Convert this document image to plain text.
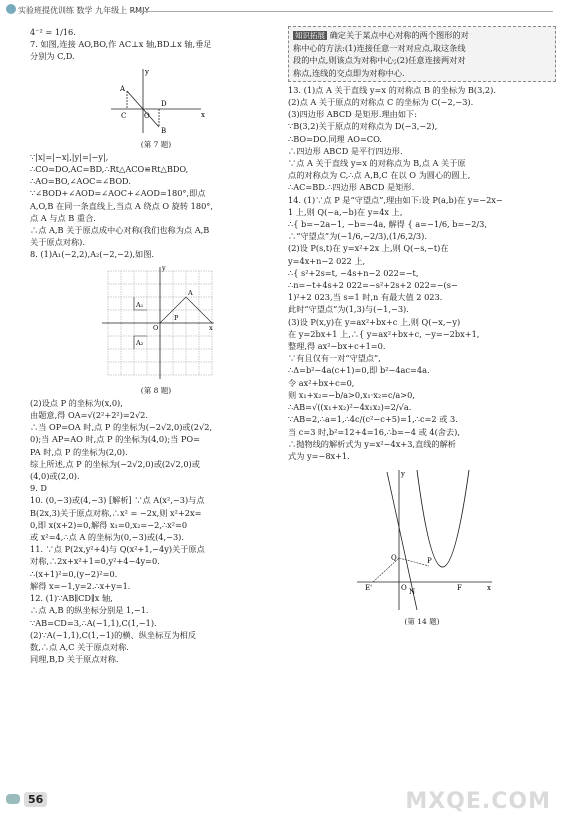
实验班提优训练 数学 九年级上 RMJY

4⁻² = 1/16.

7. 如图,连接 AO,BO,作 AC⊥x 轴,BD⊥x 轴,垂足

分别为 C,D.

y
A
C	O
D
B
x

(第 7 题)

∵|x|=|−x|,|y|=|−y|,

∴CO=DO,AC=BD,∴Rt△ACO≌Rt△BDO,

∴AO=BO,∠AOC=∠BOD.

∵∠BOD+∠AOD=∠AOC+∠AOD=180°,即点

A,O,B 在同一条直线上,当点 A 绕点 O 旋转 180°,

点 A 与点 B 重合.

∴点 A,B 关于原点成中心对称(我们也称为点 A,B

关于原点对称).

8. (1)A₁(−2,2),A₂(−2,−2),如图.

A₁
A₂
A
P
O	x
y

(第 8 题)

(2)设点 P 的坐标为(x,0),

由题意,得 OA=√(2²+2²)=2√2.

∴当 OP=OA 时,点 P 的坐标为(−2√2,0)或(2√2,

0);当 AP=AO 时,点 P 的坐标为(4,0);当 PO=

PA 时,点 P 的坐标为(2,0).

综上所述,点 P 的坐标为(−2√2,0)或(2√2,0)或

(4,0)或(2,0).

9. D

10. (0,−3)或(4,−3) [解析] ∵点 A(x²,−3)与点

B(2x,3)关于原点对称,∴x² = −2x,则 x²+2x=

0,即 x(x+2)=0,解得 x₁=0,x₂=−2,∴x²=0

或 x²=4,∴点 A 的坐标为(0,−3)或(4,−3).

11. ∵点 P(2x,y²+4)与 Q(x²+1,−4y)关于原点

对称,∴2x+x²+1=0,y²+4−4y=0.

∴(x+1)²=0,(y−2)²=0.

解得 x=−1,y=2.∴x+y=1.

12. (1)∵AB∥CD∥x 轴,

∴点 A,B 的纵坐标分别是 1,−1.

∵AB=CD=3,∴A(−1,1),C(1,−1).

(2)∵A(−1,1),C(1,−1)的横、纵坐标互为相反

数,∴点 A,C 关于原点对称.

同理,B,D 关于原点对称.

知识拓展 确定关于某点中心对称的两个图形的对

称中心的方法:(1)连接任意一对对应点,取这条线

段的中点,则该点为对称中心;(2)任意连接两对对

称点,连线的交点即为对称中心.

13. (1)点 A 关于直线 y=x 的对称点 B 的坐标为 B(3,2).

(2)点 A 关于原点的对称点 C 的坐标为 C(−2,−3).

(3)四边形 ABCD 是矩形.理由如下:

∵B(3,2)关于原点的对称点为 D(−3,−2),

∴BO=DO.同理 AO=CO.

∴四边形 ABCD 是平行四边形.

∵点 A 关于直线 y=x 的对称点为 B,点 A 关于原

点的对称点为 C,∴点 A,B,C 在以 O 为圆心的圆上,

∴AC=BD.∴四边形 ABCD 是矩形.

14. (1)∵点 P 是“守望点”,理由如下:设 P(a,b)在 y=−2x−

1 上,则 Q(−a,−b)在 y=4x 上,

∴{ b=−2a−1, −b=−4a, 解得 { a=−1/6, b=−2/3,

∴“守望点”为(−1/6,−2/3),(1/6,2/3).

(2)设 P(s,t)在 y=x²+2x 上,则 Q(−s,−t)在

y=4x+n−2 022 上,

∴{ s²+2s=t, −4s+n−2 022=−t,

∴n=−t+4s+2 022=−s²+2s+2 022=−(s−

1)²+2 023,当 s=1 时,n 有最大值 2 023.

此时“守望点”为(1,3)与(−1,−3).

(3)设 P(x,y)在 y=ax²+bx+c 上,则 Q(−x,−y)

在 y=2bx+1 上,∴{ y=ax²+bx+c, −y=−2bx+1,

整理,得 ax²−bx+c+1=0.

∵有且仅有一对“守望点”,

∴Δ=b²−4a(c+1)=0,即 b²−4ac=4a.

令 ax²+bx+c=0,

则 x₁+x₂=−b/a>0,x₁·x₂=c/a>0,

∴AB=√((x₁+x₂)²−4x₁x₂)=2/√a.

∵AB=2,∴a=1,∴4c/(c²−c+5)=1,∴c=2 或 3.

当 c=3 时,b²=12+4=16,∴b=−4 或 4(舍去),

∴抛物线的解析式为 y=x²−4x+3,直线的解析

式为 y=−8x+1.

y
Q	P
E'	O N	F	x

(第 14 题)

56	MXQE.COM
